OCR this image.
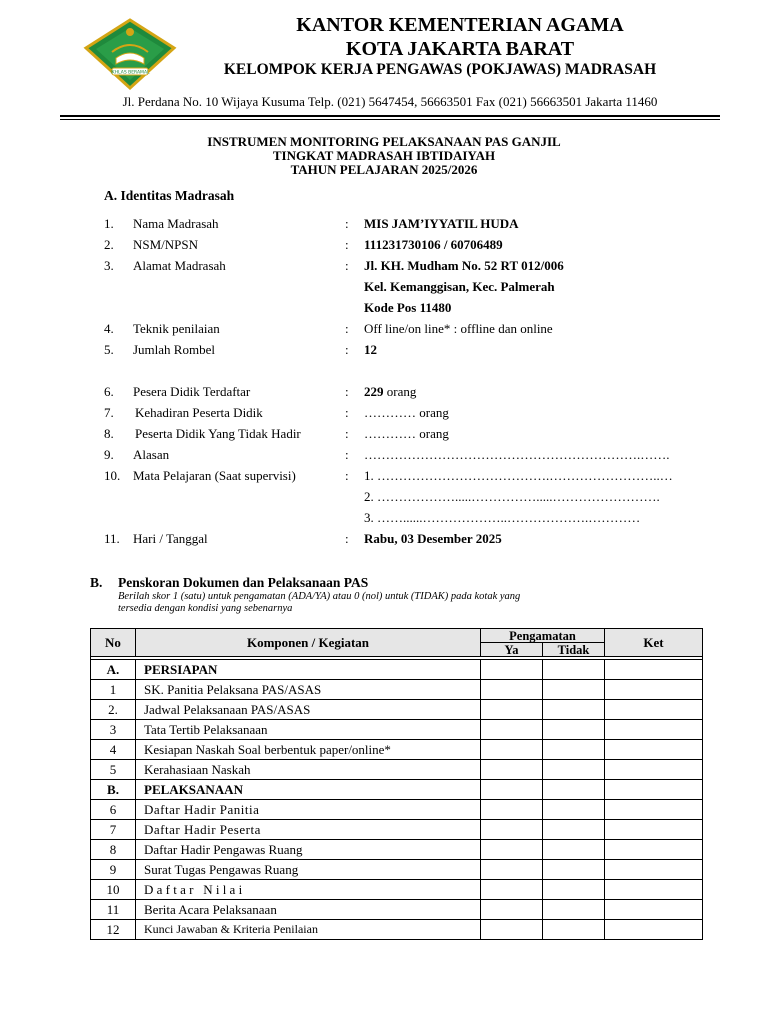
IKHLAS BERAMAL
KANTOR KEMENTERIAN AGAMA
KOTA JAKARTA BARAT
KELOMPOK KERJA PENGAWAS (POKJAWAS) MADRASAH
Jl. Perdana No. 10 Wijaya Kusuma Telp. (021) 5647454, 56663501 Fax (021) 56663501 Jakarta 11460
INSTRUMEN MONITORING PELAKSANAAN PAS GANJIL
TINGKAT MADRASAH IBTIDAIYAH
TAHUN PELAJARAN 2025/2026
A. Identitas Madrasah
1.	Nama Madrasah	: MIS JAM’IYYATIL HUDA
2.	NSM/NPSN	: 111231730106 / 60706489
3.	Alamat Madrasah	: Jl. KH. Mudham No. 52 RT 012/006
Kel. Kemanggisan, Kec. Palmerah
Kode Pos 11480
4.	Teknik penilaian	: Off line/on line* : offline dan online
5.	Jumlah Rombel	: 12
6.	Pesera Didik Terdaftar	: 229 orang
7.	Kehadiran Peserta Didik	: ………… orang
8.	Peserta Didik Yang Tidak Hadir	: ………… orang
9.	Alasan	: ……………………………………………………….…….
10. Mata Pelajaran (Saat supervisi)	: 1. ………………………………….……………………..…
2. ……………….....…………….....…………………….
3. ……......………………..……………….…………
11.	Hari / Tanggal	: Rabu, 03 Desember 2025
B. Penskoran Dokumen dan Pelaksanaan PAS
Berilah skor 1 (satu) untuk pengamatan (ADA/YA) atau 0 (nol) untuk (TIDAK) pada kotak yang
tersedia dengan kondisi yang sebenarnya
No	Komponen / Kegiatan	Pengamatan		Ket
		Ya	Tidak	

A.	PERSIAPAN			
1	SK. Panitia Pelaksana PAS/ASAS			
2.	Jadwal Pelaksanaan PAS/ASAS			
3	Tata Tertib Pelaksanaan			
4	Kesiapan Naskah Soal berbentuk paper/online*			
5	Kerahasiaan Naskah			
B.	PELAKSANAAN			
6	Daftar Hadir Panitia			
7	Daftar Hadir Peserta			
8	Daftar Hadir Pengawas Ruang			
9	Surat Tugas Pengawas Ruang			
10	D a f t a r   N i l a i			
11	Berita Acara Pelaksanaan			
12	Kunci Jawaban & Kriteria Penilaian			
